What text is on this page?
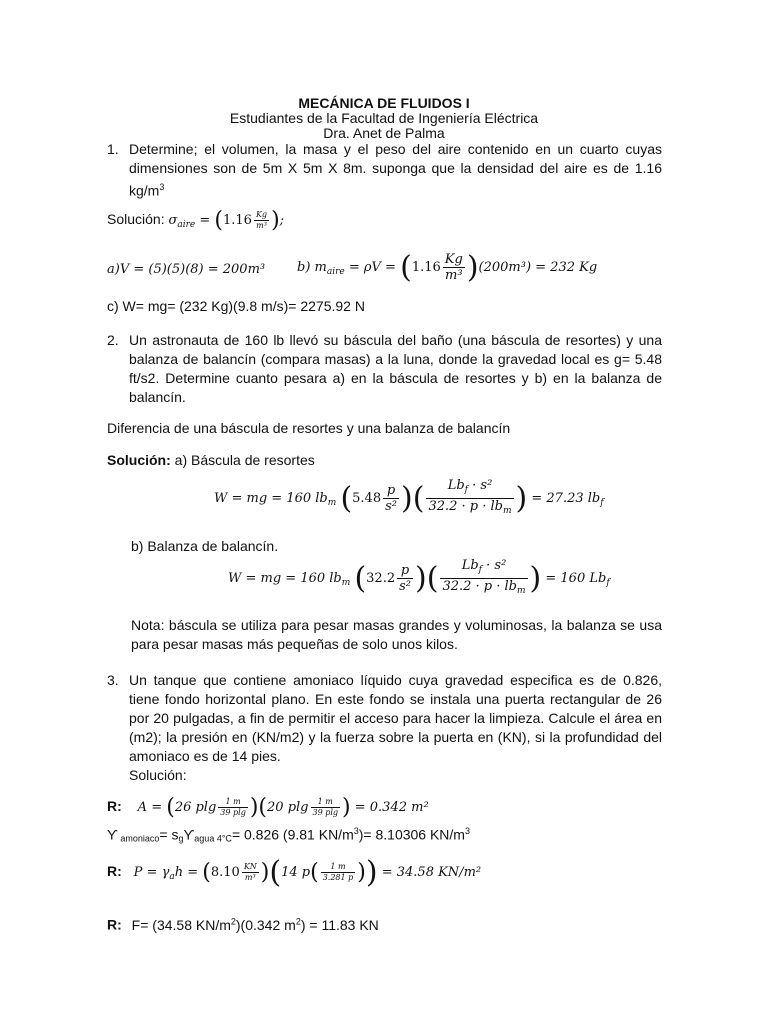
MECÁNICA DE FLUIDOS I
Estudiantes de la Facultad de Ingeniería Eléctrica
Dra. Anet de Palma
1. Determine; el volumen, la masa y el peso del aire contenido en un cuarto cuyas dimensiones son de 5m X 5m X 8m. suponga que la densidad del aire es de 1.16 $kg/m^3$
Solución: $\sigma_{aire} = (1.16 \frac{Kg}{\text{m³}}$ );
a)V = (5)(5)(8) = 200m³ b) $m_{aire} = \rho V = (1.16 \frac{Kg}{\text{m³}} )(200m^3) = 232$ Kg
c) W= mg= (232 Kg)(9.8 m/s)= 2275.92 N
2. Un astronauta de 160 lb llevó su báscula del baño (una báscula de resortes) y una balanza de balancín (compara masas) a la luna, donde la gravedad local es g= 5.48 ft/s2. Determine cuanto pesara a) en la báscula de resortes y b) en la balanza de balancín.
Diferencia de una báscula de resortes y una balanza de balancín
Solución: a) Báscula de resortes
W = mg = 160 $lb_m$ ($5.48 \frac{p}{\text{s²}}$ )( $\frac{Lb_f \cdot s^2}{32.2 \cdot p \cdot lb_m}$ ) = 27.23 $lb_f$
b) Balanza de balancín.
W = mg = 160 $lb_m$ ($32.2 \frac{p}{\text{s²}}$ )( $\frac{Lb_f \cdot s^2}{32.2 \cdot p \cdot lb_m}$ ) = 160 $Lb_f$
Nota: báscula se utiliza para pesar masas grandes y voluminosas, la balanza se usa para pesar masas más pequeñas de solo unos kilos.
3. Un tanque que contiene amoniaco líquido cuya gravedad especifica es de 0.826, tiene fondo horizontal plano. En este fondo se instala una puerta rectangular de 26 por 20 pulgadas, a fin de permitir el acceso para hacer la limpieza. Calcule el área en (m2); la presión en (KN/m2) y la fuerza sobre la puerta en (KN), si la profundidad del amoniaco es de 14 pies.
Solución:
R: A = (26 plg $\frac{1 m}{39 plg} )(20$ plg $\frac{1 m}{39 plg}$ ) = 0.342 m²
ϒ amoniaco= sgϒagua 4°C= 0.826 (9.81 $KN/m^3)= 8.10306$ $KN/m^3$
R: $P = \gamma_ah = (8.10 \frac{KN}{\text{m³}} )(14$ $p( \frac{1 m}{3.281 p}$ )) = 34.58 KN/m²
R: F= (34.58 $KN/m^2)(0.342$ $m^2) = 11.83$ KN
